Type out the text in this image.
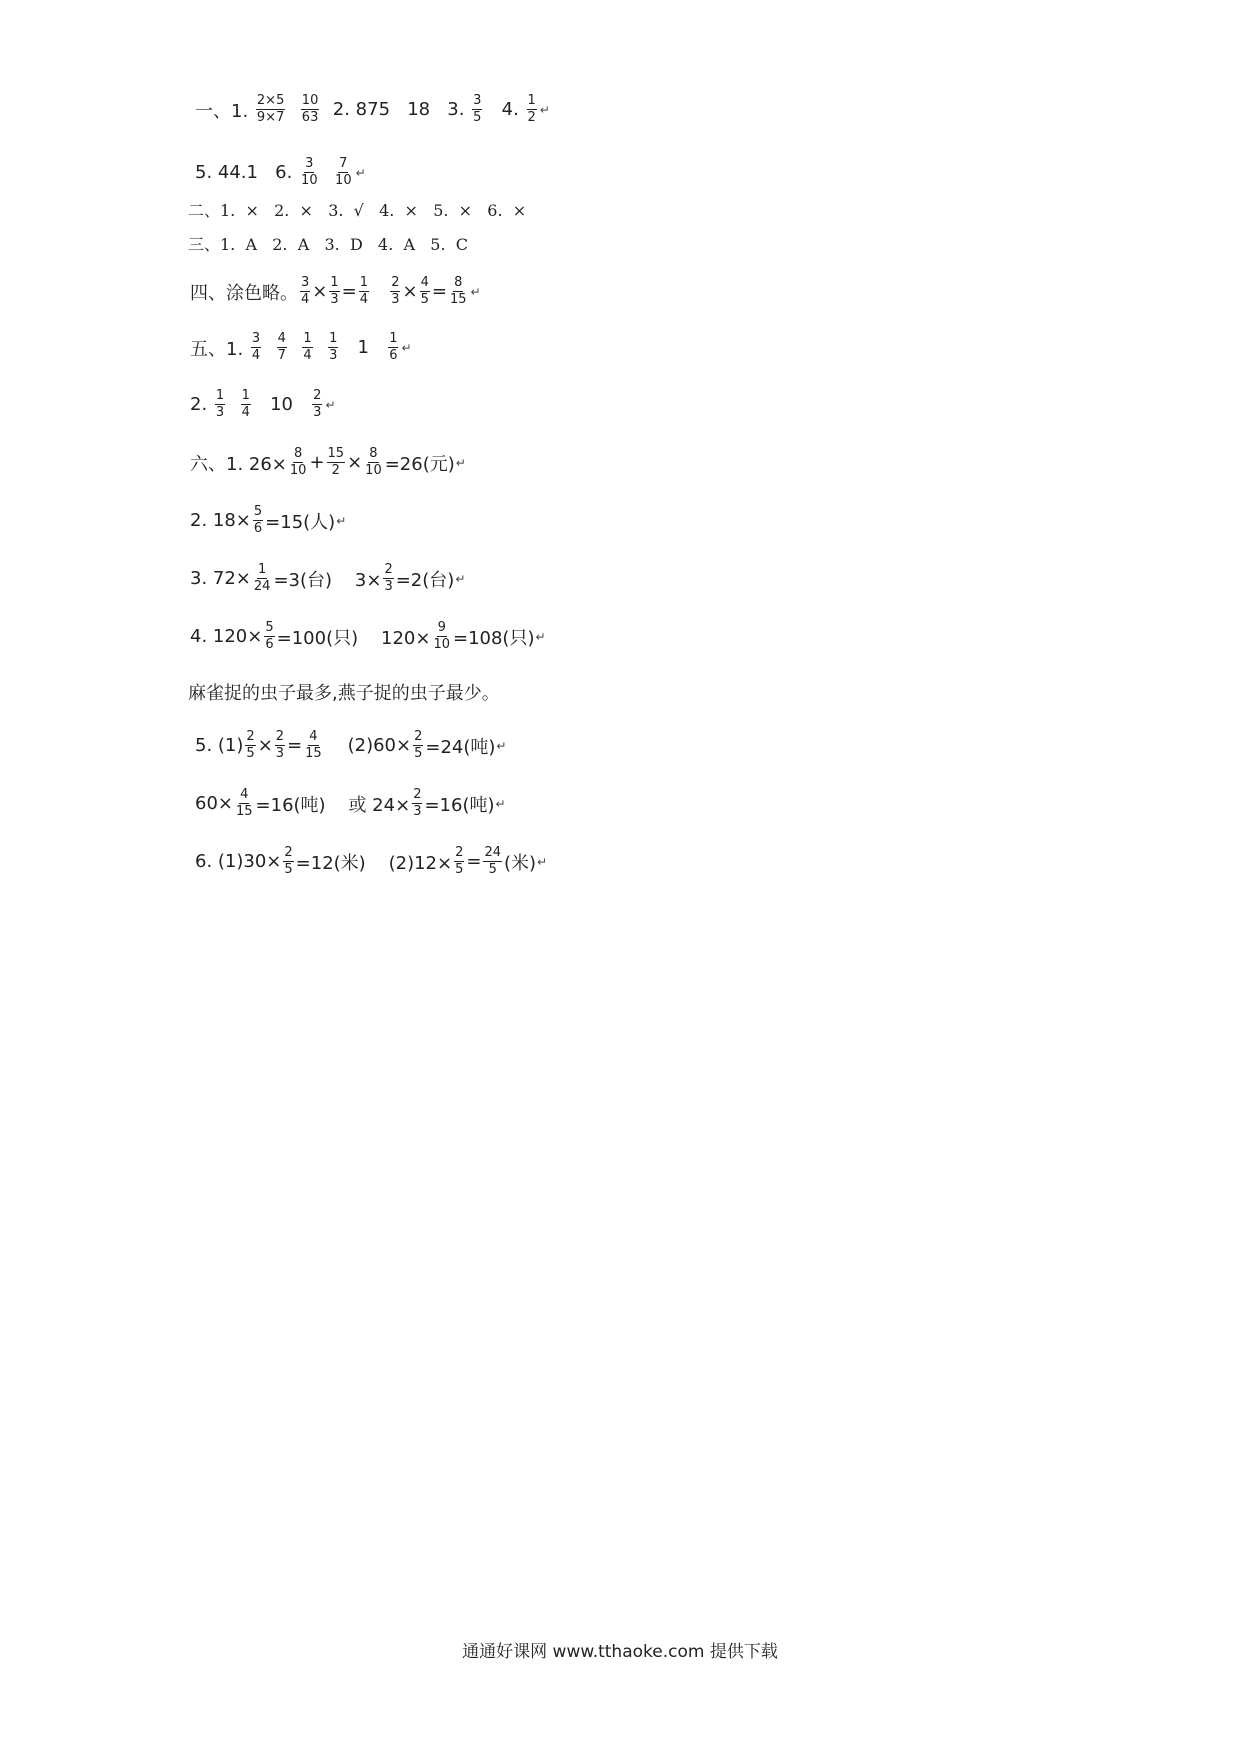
一、1. $\frac{2\times 5}{9\times 7}$
$\frac{10}{63} 2$. 875   18   3. $\frac{3}{5} 4$. $\frac{1}{2}$ ↵
5. 44.1   6. $\frac{3}{10}$
$\frac{7}{10}$ ↵
二、1.  ×   2.  ×   3.  √   4.  ×   5.  ×   6.  ×
三、1.  A   2.  A   3.  D   4.  A   5.  C
四、涂色略。 $\frac{3}{4} \times \frac{1}{3} = \frac{1}{4}$
$\frac{2}{3} \times \frac{4}{5} = \frac{8}{15}$ ↵
五、1. $\frac{3}{4}$
$\frac{4}{7}$
$\frac{1}{4}$
$\frac{1}{3} 1 \frac{1}{6}$ ↵
2. $\frac{1}{3}$
$\frac{1}{4} 10 \frac{2}{3}$ ↵
六、1. $26\times \frac{8}{10} + \frac{15}{2} \times \frac{8}{10} =26$(元) ↵
2. $18\times \frac{5}{6} =15$(人) ↵
3. $72\times \frac{1}{24} =3$(台)    $3\times \frac{2}{3} =2$(台) ↵
4. $120\times \frac{5}{6} =100$(只)    $120\times \frac{9}{10} =108$(只) ↵
麻雀捉的虫子最多,燕子捉的虫子最少。
5. $(1) \frac{2}{5} \times \frac{2}{3} = \frac{4}{15} (2)60\times \frac{2}{5} =24$(吨) ↵
$60\times \frac{4}{15} =16$(吨)    或 $24\times \frac{2}{3} =16$(吨) ↵
6. $(1)30\times \frac{2}{5} =12$(米)    $(2)12\times \frac{2}{5} = \frac{24}{5}$ (米) ↵
通通好课网 www.tthaoke.com 提供下载
